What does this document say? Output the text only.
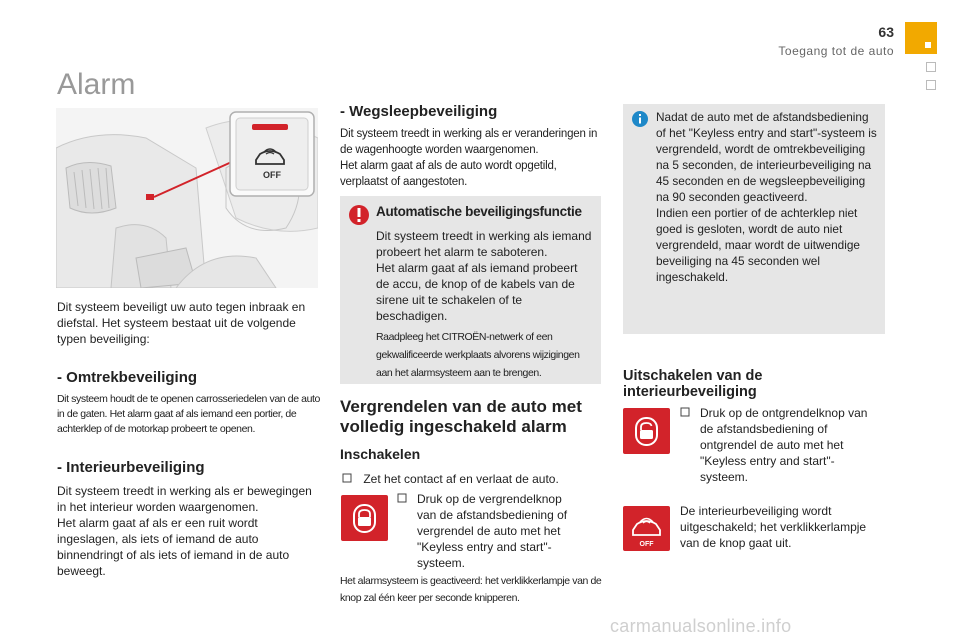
63
Toegang tot de auto
Alarm
OFF

Dit systeem beveiligt uw auto tegen inbraak en diefstal. Het systeem bestaat uit de volgende typen beveiliging:

- Omtrekbeveiliging

Dit systeem houdt de te openen carrosseriedelen van de auto in de gaten. Het alarm gaat af als iemand een portier, de achterklep of de motorkap probeert te openen.

- Interieurbeveiliging

Dit systeem treedt in werking als er bewegingen in het interieur worden waargenomen.
Het alarm gaat af als er een ruit wordt ingeslagen, als iets of iemand de auto binnendringt of als iets of iemand in de auto beweegt.

- Wegsleepbeveiliging

Dit systeem treedt in werking als er veranderingen in de wagenhoogte worden waargenomen.
Het alarm gaat af als de auto wordt opgetild, verplaatst of aangestoten.

Automatische beveiligingsfunctie

Dit systeem treedt in werking als iemand probeert het alarm te saboteren.
Het alarm gaat af als iemand probeert de accu, de knop of de kabels van de sirene uit te schakelen of te beschadigen.

Raadpleeg het CITROËN-netwerk of een gekwalificeerde werkplaats alvorens wijzigingen aan het alarmsysteem aan te brengen.

Vergrendelen van de auto met volledig ingeschakeld alarm
Inschakelen
Zet het contact af en verlaat de auto.
Druk op de vergrendelknop van de afstandsbediening of vergrendel de auto met het "Keyless entry and start"-systeem.

Het alarmsysteem is geactiveerd: het verklikkerlampje van de knop zal één keer per seconde knipperen.

Nadat de auto met de afstandsbediening of het "Keyless entry and start"-systeem is vergrendeld, wordt de omtrekbeveiliging na 5 seconden, de interieurbeveiliging na 45 seconden en de wegsleepbeveiliging na 90 seconden geactiveerd.
Indien een portier of de achterklep niet goed is gesloten, wordt de auto niet vergrendeld, maar wordt de uitwendige beveiliging na 45 seconden wel ingeschakeld.

Uitschakelen van de interieurbeveiliging
Druk op de ontgrendelknop van de afstandsbediening of ontgrendel de auto met het "Keyless entry and start"-systeem.
OFF

De interieurbeveiliging wordt uitgeschakeld; het verklikkerlampje van de knop gaat uit.

carmanualsonline.info
